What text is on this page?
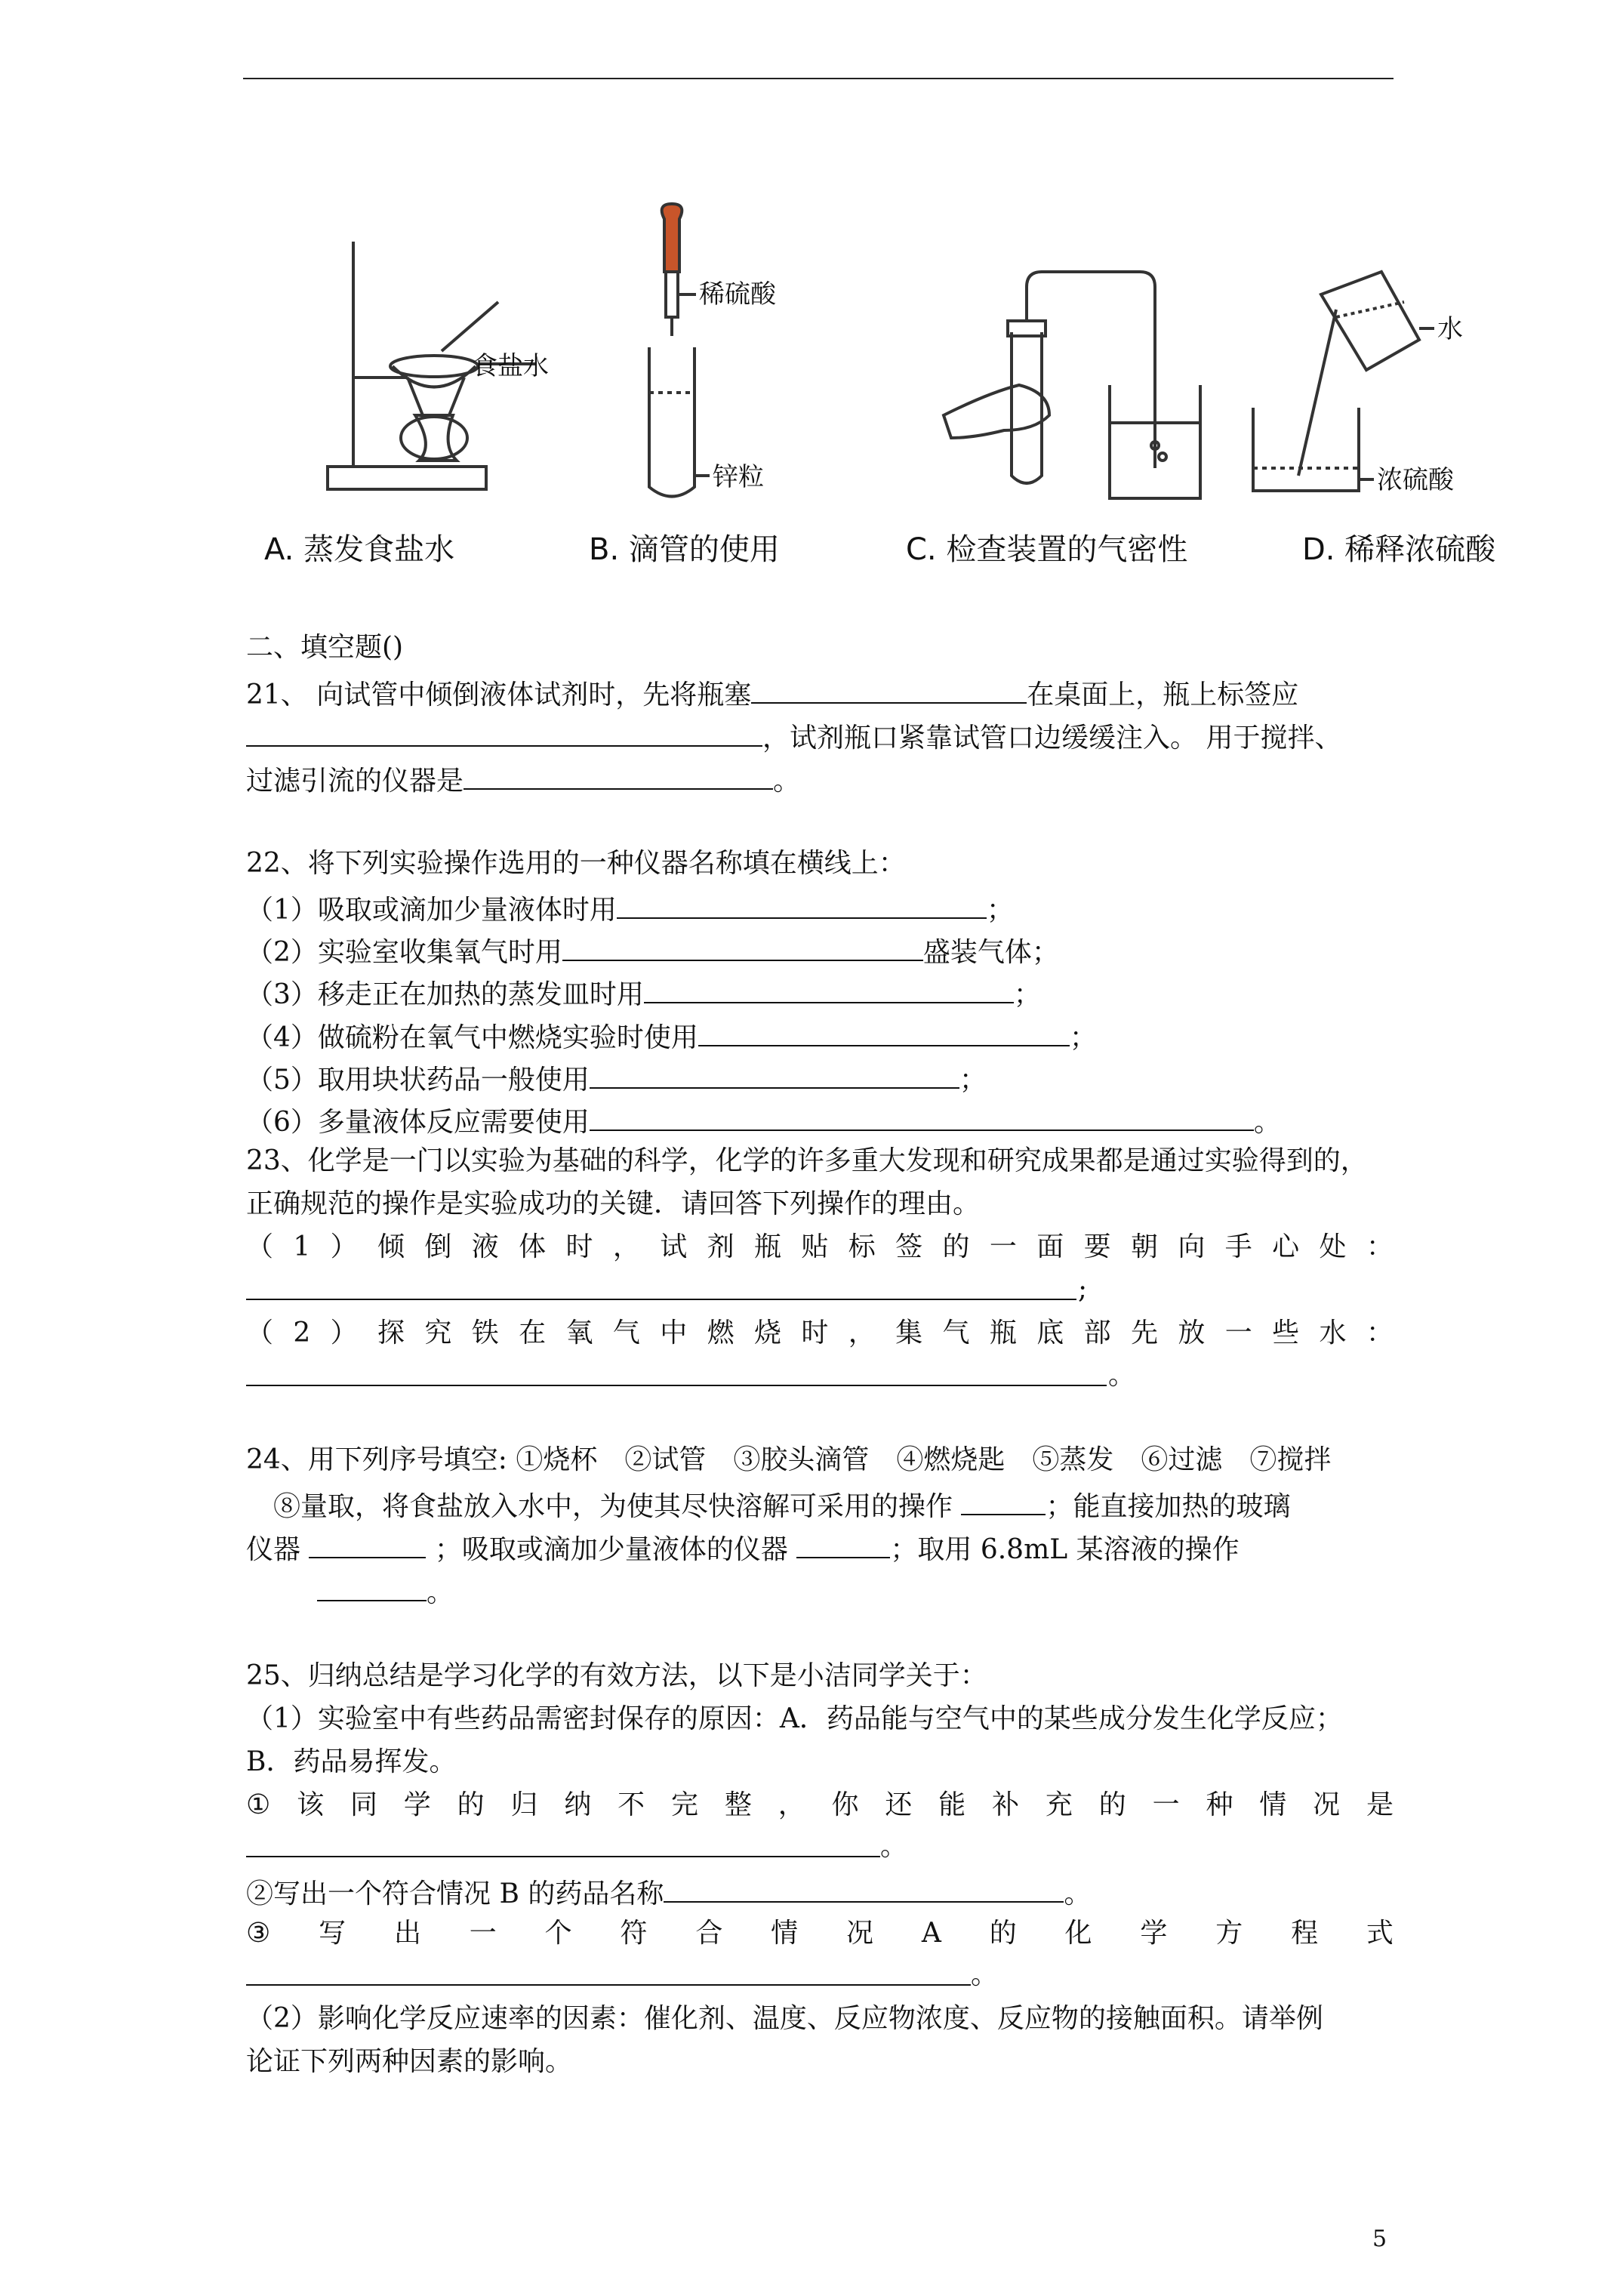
食盐水
稀硫酸
锌粒
水
浓硫酸
A. 蒸发食盐水	B. 滴管的使用	C. 检查装置的气密性	D. 稀释浓硫酸
二、填空题()
21、 向试管中倾倒液体试剂时，先将瓶塞	在桌面上，瓶上标签应
，试剂瓶口紧靠试管口边缓缓注入。 用于搅拌、
过滤引流的仪器是	。
22、将下列实验操作选用的一种仪器名称填在横线上：
（1）吸取或滴加少量液体时用	；
（2）实验室收集氧气时用	盛装气体；
（3）移走正在加热的蒸发皿时用	；
（4）做硫粉在氧气中燃烧实验时使用	；
（5）取用块状药品一般使用	；
（6）多量液体反应需要使用	。
23、化学是一门以实验为基础的科学，化学的许多重大发现和研究成果都是通过实验得到的，
正确规范的操作是实验成功的关键．请回答下列操作的理由。
（ 1 ） 倾 倒 液 体 时 ， 试 剂 瓶 贴 标 签 的 一 面 要 朝 向 手 心 处 ：
;
（ 2 ） 探 究 铁 在 氧 气 中 燃 烧 时 ， 集 气 瓶 底 部 先 放 一 些 水 ：
。
24、用下列序号填空: ①烧杯　②试管　③胶头滴管　④燃烧匙　⑤蒸发　⑥过滤　⑦搅拌
⑧量取，将食盐放入水中，为使其尽快溶解可采用的操作	；能直接加热的玻璃
仪器	；吸取或滴加少量液体的仪器	；取用 6.8mL 某溶液的操作
。
25、归纳总结是学习化学的有效方法，以下是小洁同学关于：
（1）实验室中有些药品需密封保存的原因：A．药品能与空气中的某些成分发生化学反应；
B．药品易挥发。
① 该 同 学 的 归 纳 不 完 整 ， 你 还 能 补 充 的 一 种 情 况 是
。
②写出一个符合情况 B 的药品名称	。
③ 写 出 一 个 符 合 情 况 A 的 化 学 方 程 式
。
（2）影响化学反应速率的因素：催化剂、温度、反应物浓度、反应物的接触面积。请举例
论证下列两种因素的影响。
5
